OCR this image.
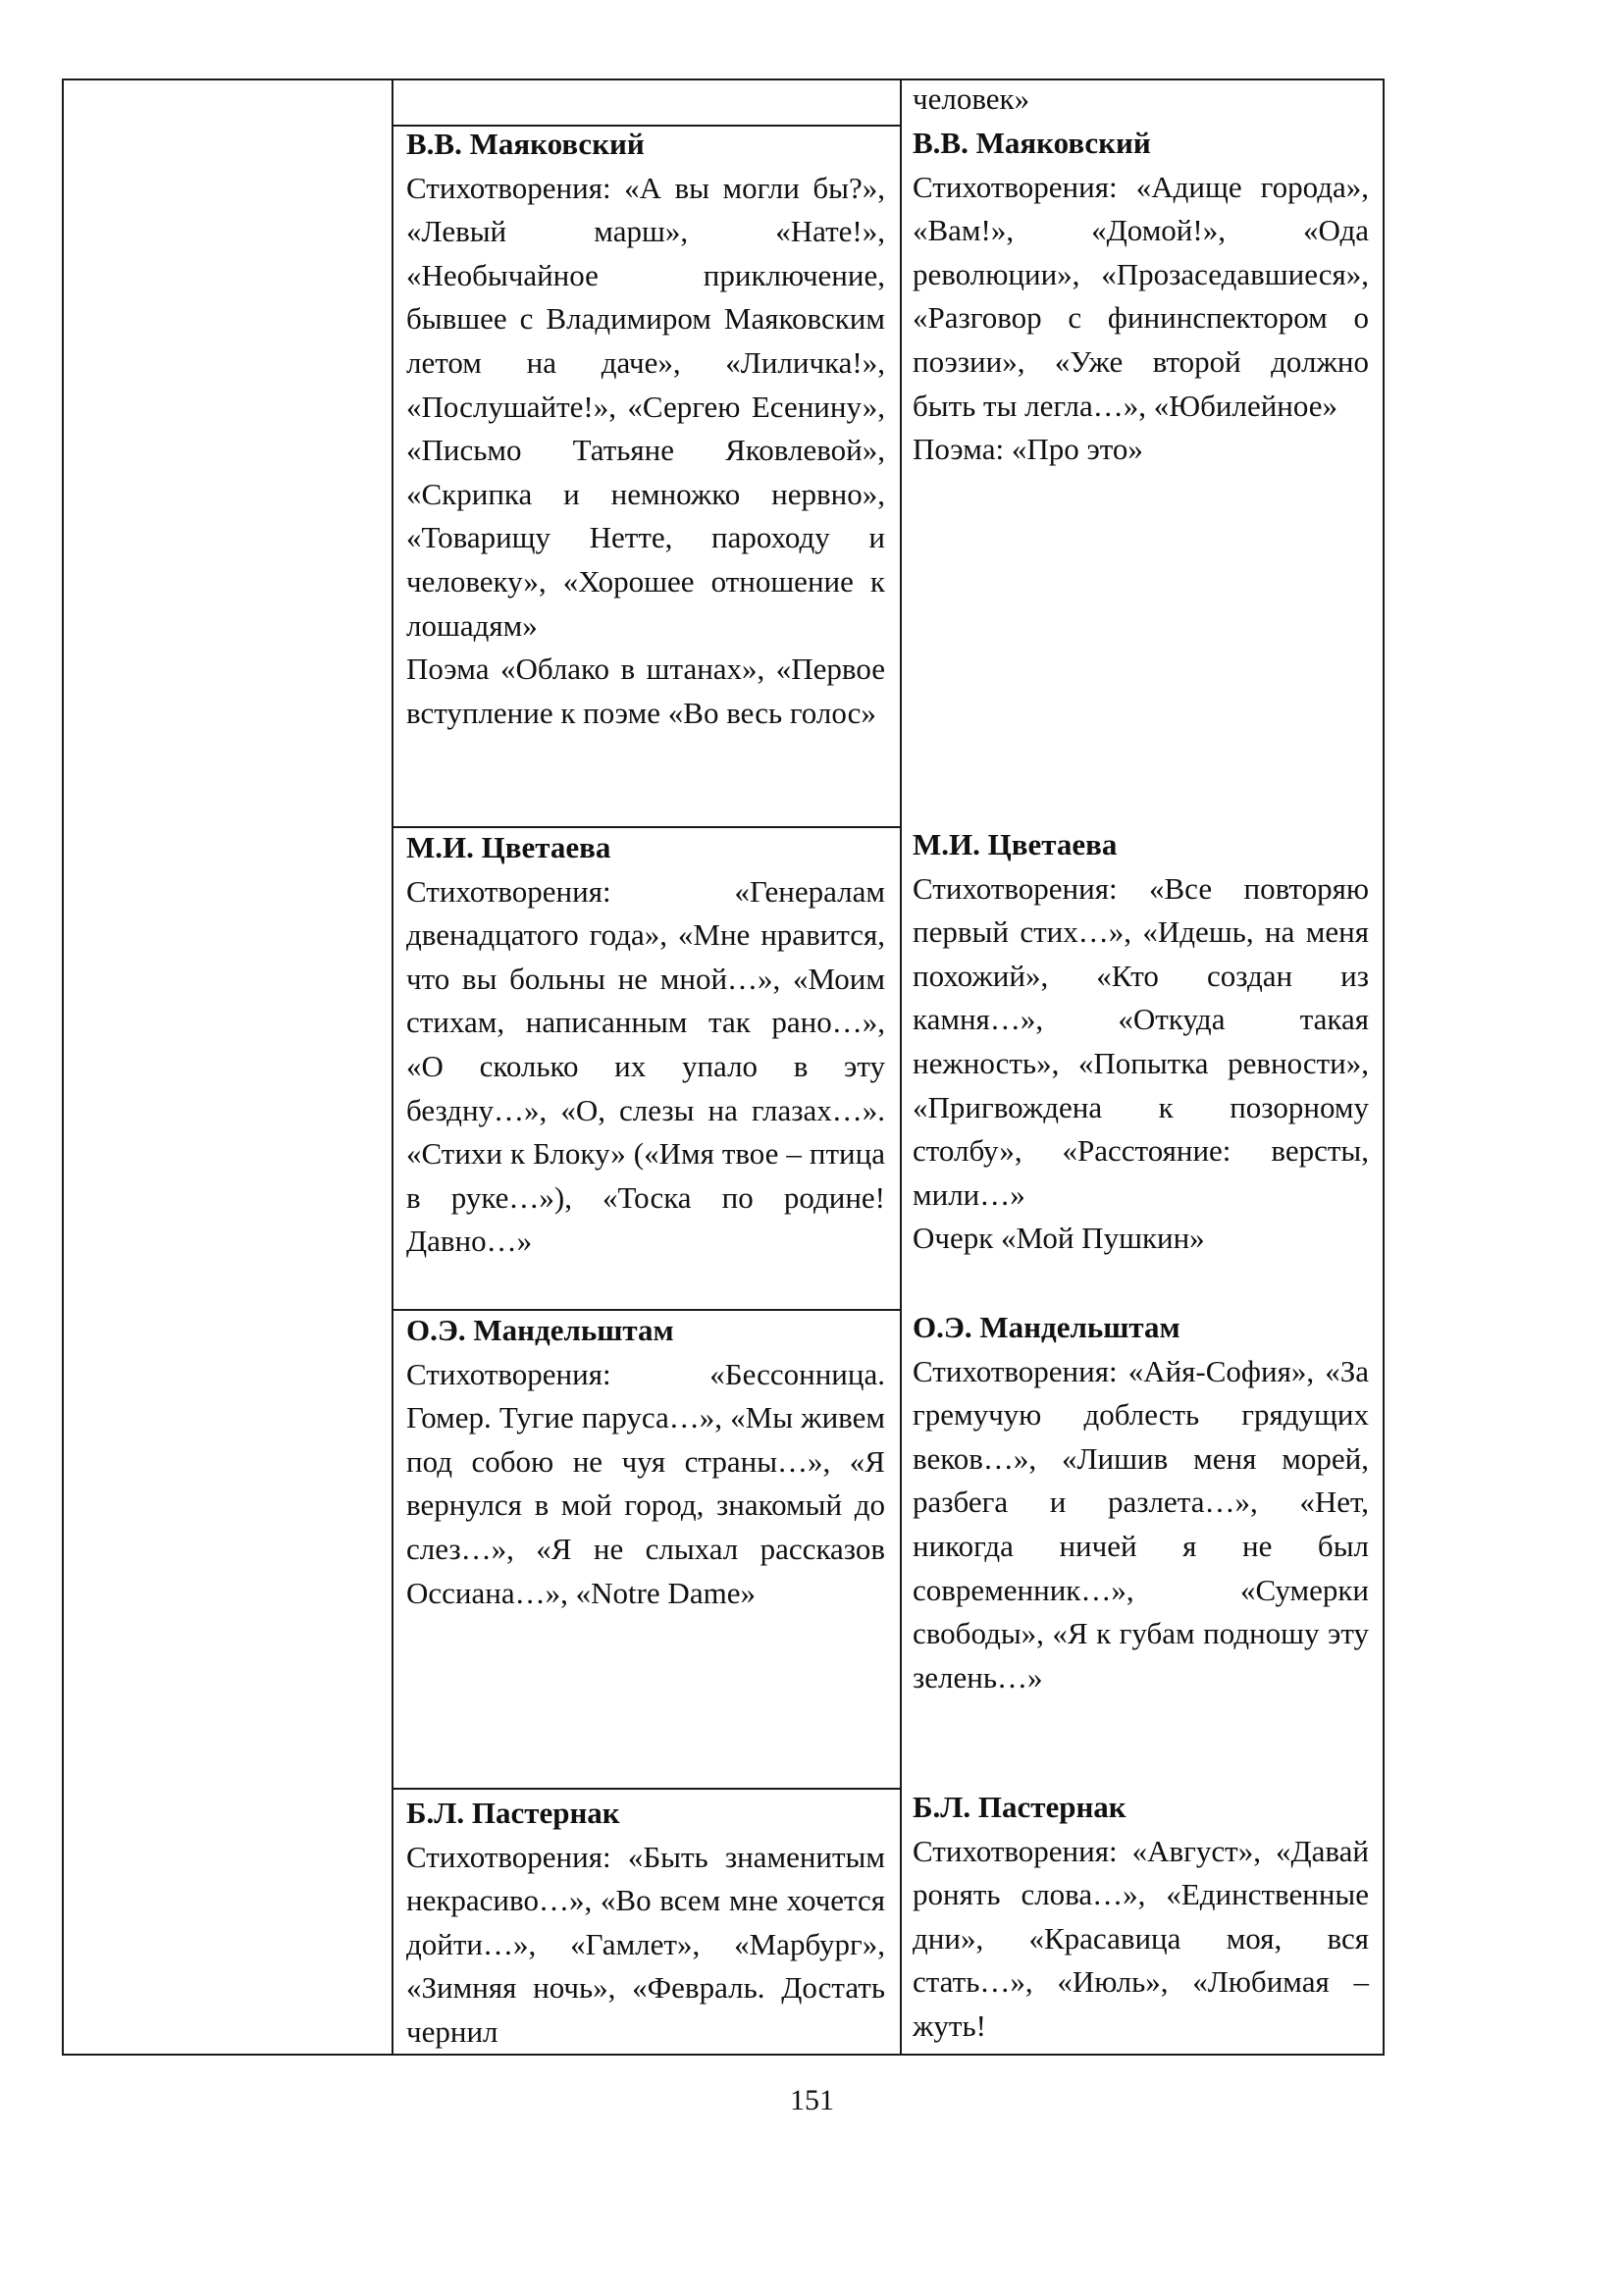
человек»

В.В. Маяковский

Стихотворения: «А вы могли бы?», «Левый марш», «Нате!», «Необычайное приключение, бывшее с Владимиром Маяковским летом на даче», «Лиличка!», «Послушайте!», «Сергею Есенину», «Письмо Татьяне Яковлевой», «Скрипка и немножко нервно», «Товарищу Нетте, пароходу и человеку», «Хорошее отношение к лошадям»

Поэма «Облако в штанах», «Первое вступление к поэме «Во весь голос»

В.В. Маяковский

Стихотворения: «Адище города», «Вам!», «Домой!», «Ода революции», «Прозаседавшиеся», «Разговор с фининспектором о поэзии», «Уже второй должно быть ты легла…», «Юбилейное»

Поэма: «Про это»

М.И. Цветаева

Стихотворения: «Генералам двенадцатого года», «Мне нравится, что вы больны не мной…», «Моим стихам, написанным так рано…», «О сколько их упало в эту бездну…», «О, слезы на глазах…». «Стихи к Блоку» («Имя твое – птица в руке…»), «Тоска по родине! Давно…»

М.И. Цветаева

Стихотворения: «Все повторяю первый стих…», «Идешь, на меня похожий», «Кто создан из камня…», «Откуда такая нежность», «Попытка ревности», «Пригвождена к позорному столбу», «Расстояние: версты, мили…»

Очерк «Мой Пушкин»

О.Э. Мандельштам

Стихотворения: «Бессонница. Гомер. Тугие паруса…», «Мы живем под собою не чуя страны…», «Я вернулся в мой город, знакомый до слез…», «Я не слыхал рассказов Оссиана…», «Notre Dame»

О.Э. Мандельштам

Стихотворения: «Айя-София», «За гремучую доблесть грядущих веков…», «Лишив меня морей, разбега и разлета…», «Нет, никогда ничей я не был современник…», «Сумерки свободы», «Я к губам подношу эту зелень…»

Б.Л. Пастернак

Стихотворения: «Быть знаменитым некрасиво…», «Во всем мне хочется дойти…», «Гамлет», «Марбург», «Зимняя ночь», «Февраль. Достать чернил

Б.Л. Пастернак

Стихотворения: «Август», «Давай ронять слова…», «Единственные дни», «Красавица моя, вся стать…», «Июль», «Любимая – жуть!

151
